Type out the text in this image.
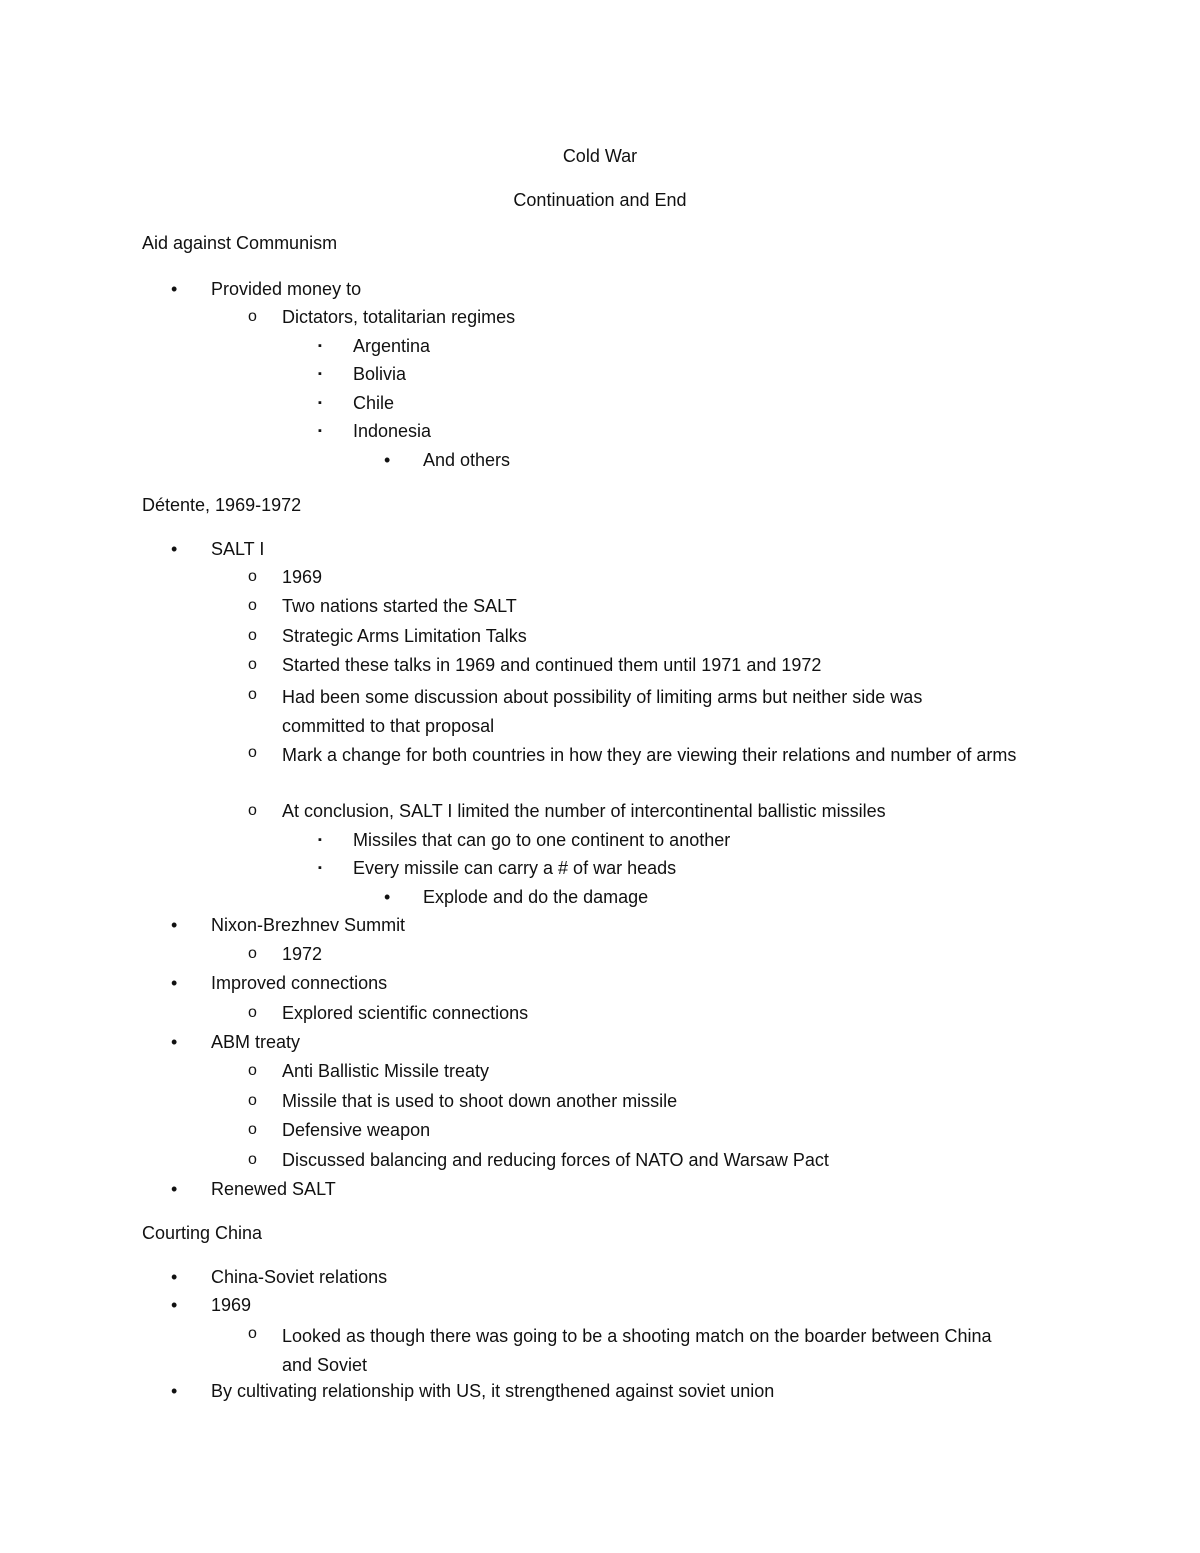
Cold War
Continuation and End
Aid against Communism
•	Provided money to
o	Dictators, totalitarian regimes
▪	Argentina
▪	Bolivia
▪	Chile
▪	Indonesia
•	And others
Détente, 1969-1972
•	SALT I
o	1969
o	Two nations started the SALT
o	Strategic Arms Limitation Talks
o	Started these talks in 1969 and continued them until 1971 and 1972
o	Had been some discussion about possibility of limiting arms but neither side was committed to that proposal
o	Mark a change for both countries in how they are viewing their relations and number of arms
o	At conclusion, SALT I limited the number of intercontinental ballistic missiles
▪	Missiles that can go to one continent to another
▪	Every missile can carry a # of war heads
•	Explode and do the damage
•	Nixon-Brezhnev Summit
o	1972
•	Improved connections
o	Explored scientific connections
•	ABM treaty
o	Anti Ballistic Missile treaty
o	Missile that is used to shoot down another missile
o	Defensive weapon
o	Discussed balancing and reducing forces of NATO and Warsaw Pact
•	Renewed SALT
Courting China
•	China-Soviet relations
•	1969
o	Looked as though there was going to be a shooting match on the boarder between China and Soviet
•	By cultivating relationship with US, it strengthened against soviet union
